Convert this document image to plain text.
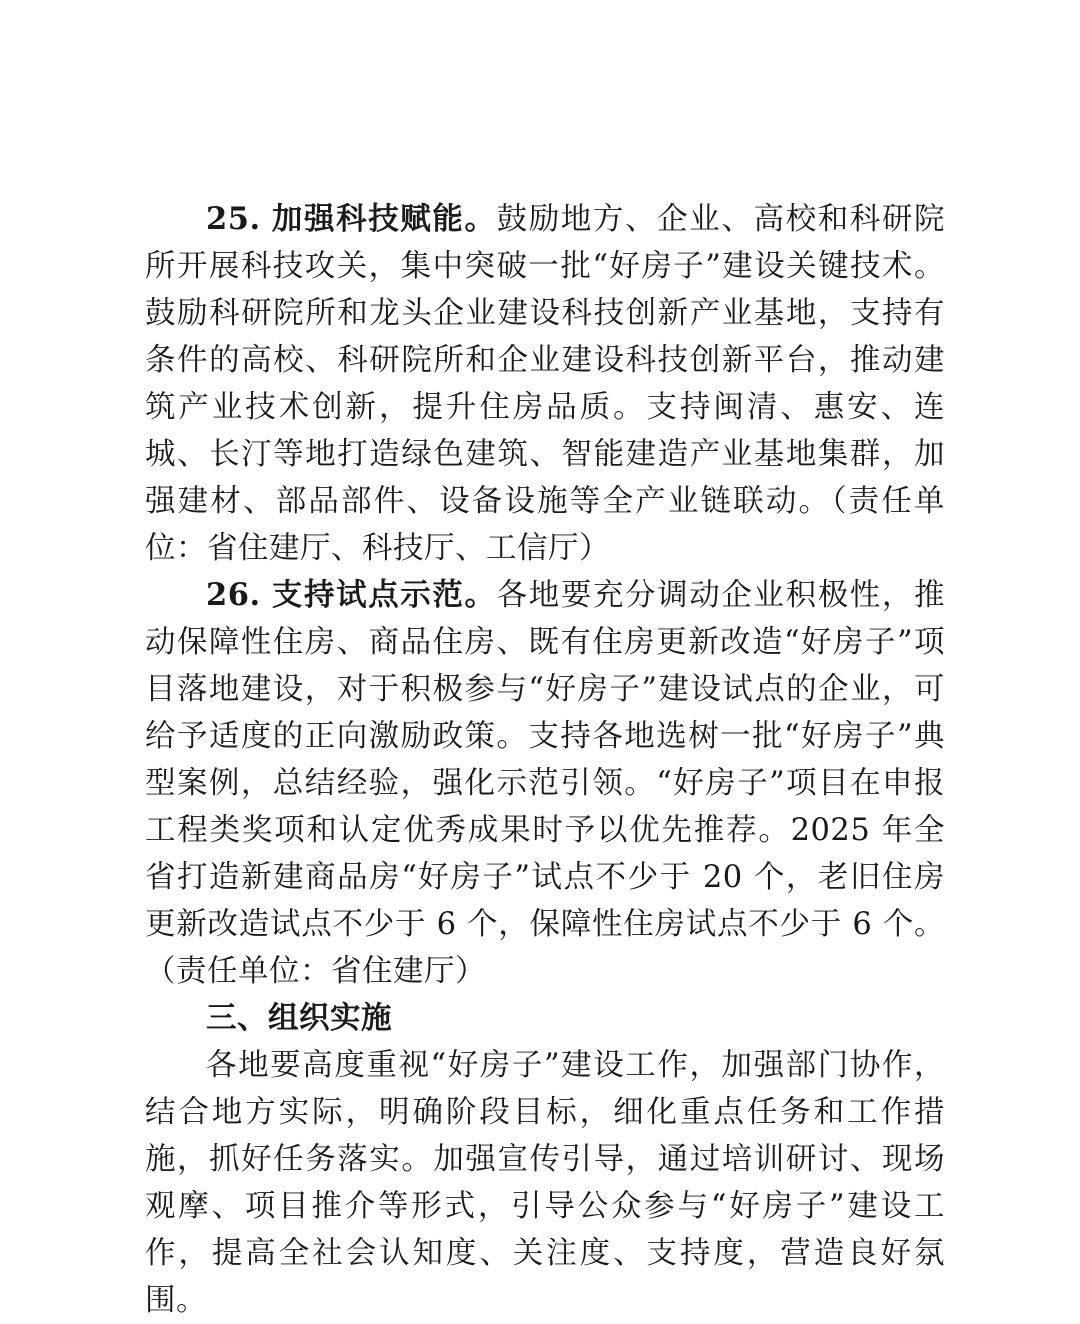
25. 加强科技赋能。鼓励地方、企业、高校和科研院所开展科技攻关，集中突破一批“好房子”建设关键技术。鼓励科研院所和龙头企业建设科技创新产业基地，支持有条件的高校、科研院所和企业建设科技创新平台，推动建筑产业技术创新，提升住房品质。支持闽清、惠安、连城、长汀等地打造绿色建筑、智能建造产业基地集群，加强建材、部品部件、设备设施等全产业链联动。（责任单位：省住建厅、科技厅、工信厅）

26. 支持试点示范。各地要充分调动企业积极性，推动保障性住房、商品住房、既有住房更新改造“好房子”项目落地建设，对于积极参与“好房子”建设试点的企业，可给予适度的正向激励政策。支持各地选树一批“好房子”典型案例，总结经验，强化示范引领。“好房子”项目在申报工程类奖项和认定优秀成果时予以优先推荐。2025 年全省打造新建商品房“好房子”试点不少于 20 个，老旧住房更新改造试点不少于 6 个，保障性住房试点不少于 6 个。（责任单位：省住建厅）

三、组织实施

各地要高度重视“好房子”建设工作，加强部门协作，结合地方实际，明确阶段目标，细化重点任务和工作措施，抓好任务落实。加强宣传引导，通过培训研讨、现场观摩、项目推介等形式，引导公众参与“好房子”建设工作，提高全社会认知度、关注度、支持度，营造良好氛围。
